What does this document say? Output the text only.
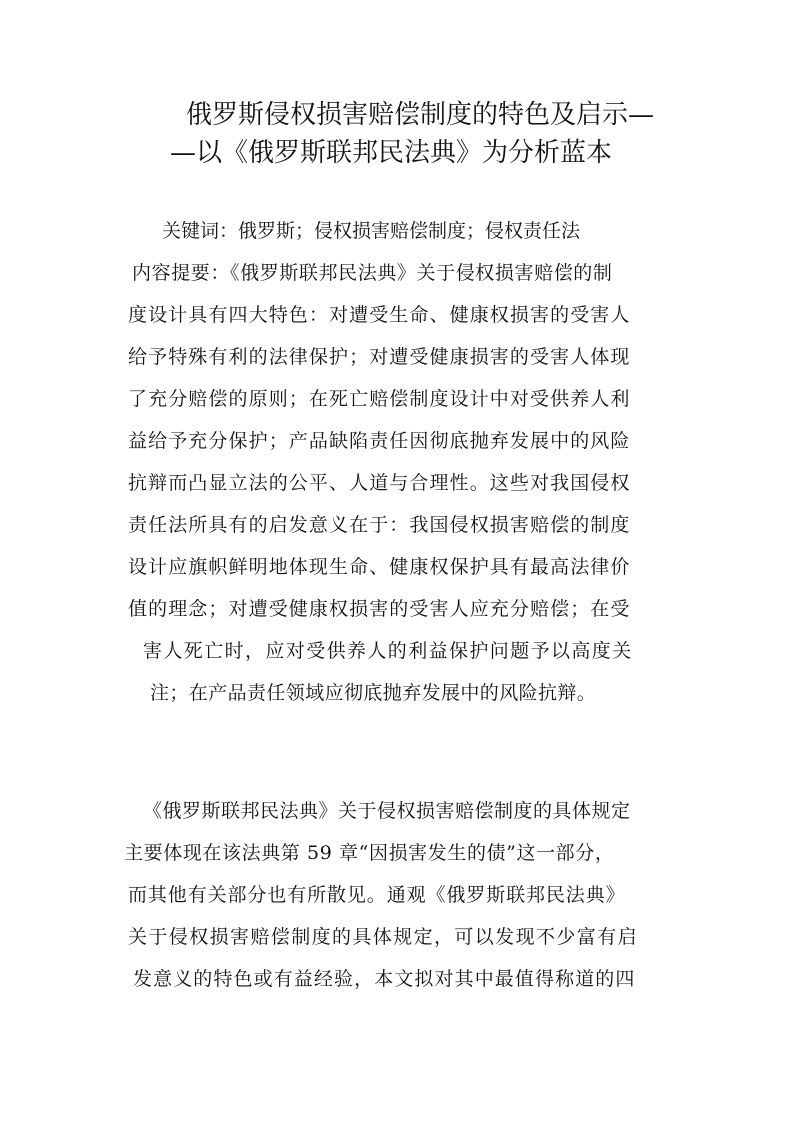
俄罗斯侵权损害赔偿制度的特色及启示—
—以《俄罗斯联邦民法典》为分析蓝本
关键词：俄罗斯；侵权损害赔偿制度；侵权责任法
内容提要：《俄罗斯联邦民法典》关于侵权损害赔偿的制
度设计具有四大特色：对遭受生命、健康权损害的受害人
给予特殊有利的法律保护；对遭受健康损害的受害人体现
了充分赔偿的原则；在死亡赔偿制度设计中对受供养人利
益给予充分保护；产品缺陷责任因彻底抛弃发展中的风险
抗辩而凸显立法的公平、人道与合理性。这些对我国侵权
责任法所具有的启发意义在于：我国侵权损害赔偿的制度
设计应旗帜鲜明地体现生命、健康权保护具有最高法律价
值的理念；对遭受健康权损害的受害人应充分赔偿；在受
害人死亡时，应对受供养人的利益保护问题予以高度关
注；在产品责任领域应彻底抛弃发展中的风险抗辩。
《俄罗斯联邦民法典》关于侵权损害赔偿制度的具体规定
主要体现在该法典第 59 章“因损害发生的债”这一部分，
而其他有关部分也有所散见。通观《俄罗斯联邦民法典》
关于侵权损害赔偿制度的具体规定，可以发现不少富有启
发意义的特色或有益经验，本文拟对其中最值得称道的四
